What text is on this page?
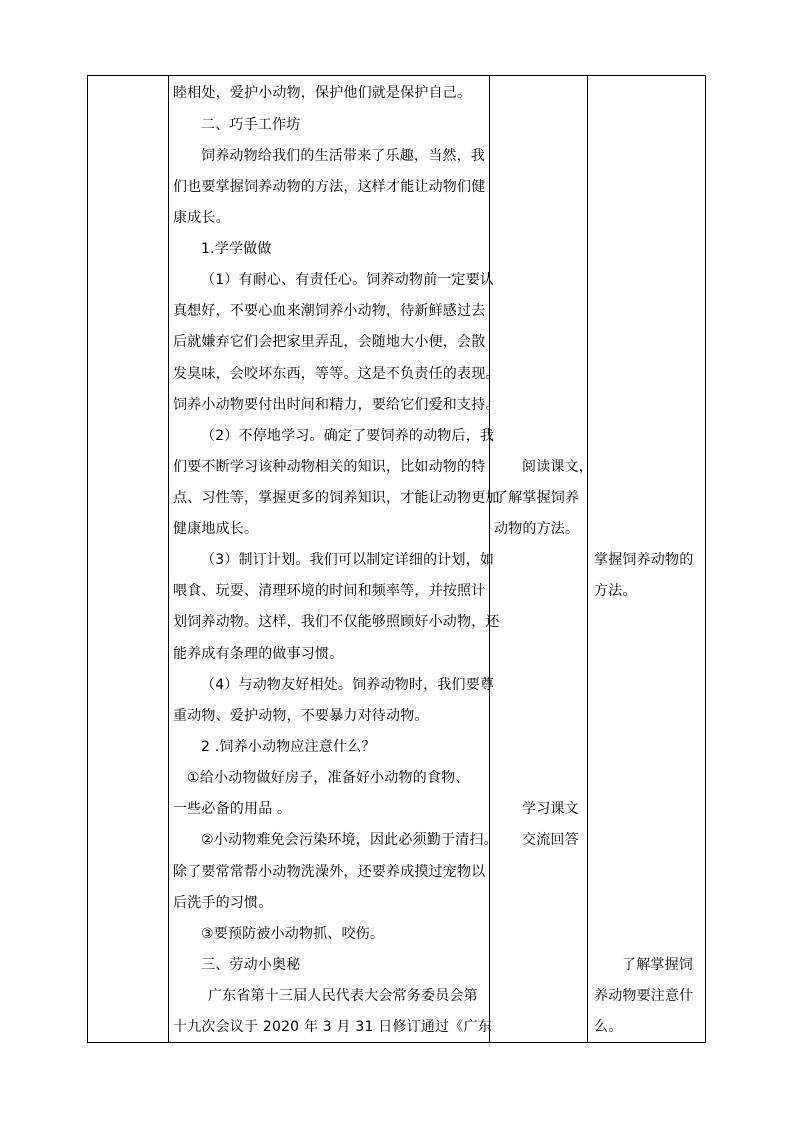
睦相处，爱护小动物，保护他们就是保护自己。
二、巧手工作坊
饲养动物给我们的生活带来了乐趣，当然，我
们也要掌握饲养动物的方法，这样才能让动物们健
康成长。
1.学学做做
（1）有耐心、有责任心。饲养动物前一定要认
真想好，不要心血来潮饲养小动物，待新鲜感过去
后就嫌弃它们会把家里弄乱，会随地大小便，会散
发臭味，会咬坏东西，等等。这是不负责任的表现。
饲养小动物要付出时间和精力，要给它们爱和支持。
（2）不停地学习。确定了要饲养的动物后，我
们要不断学习该种动物相关的知识，比如动物的特
点、习性等，掌握更多的饲养知识，才能让动物更加
健康地成长。
（3）制订计划。我们可以制定详细的计划，如
喂食、玩耍、清理环境的时间和频率等，并按照计
划饲养动物。这样，我们不仅能够照顾好小动物，还
能养成有条理的做事习惯。
（4）与动物友好相处。饲养动物时，我们要尊
重动物、爱护动物，不要暴力对待动物。
2 .饲养小动物应注意什么？
①给小动物做好房子，准备好小动物的食物、
一些必备的用品 。
②小动物难免会污染环境，因此必须勤于清扫。
除了要常常帮小动物洗澡外，还要养成摸过宠物以
后洗手的习惯。
③要预防被小动物抓、咬伤。
三、劳动小奥秘
广东省第十三届人民代表大会常务委员会第
十九次会议于 2020 年 3 月 31 日修订通过《广东
阅读课文，
了解掌握饲养
动物的方法。
学习课文
交流回答
掌握饲养动物的
方法。
了解掌握饲
养动物要注意什
么。
